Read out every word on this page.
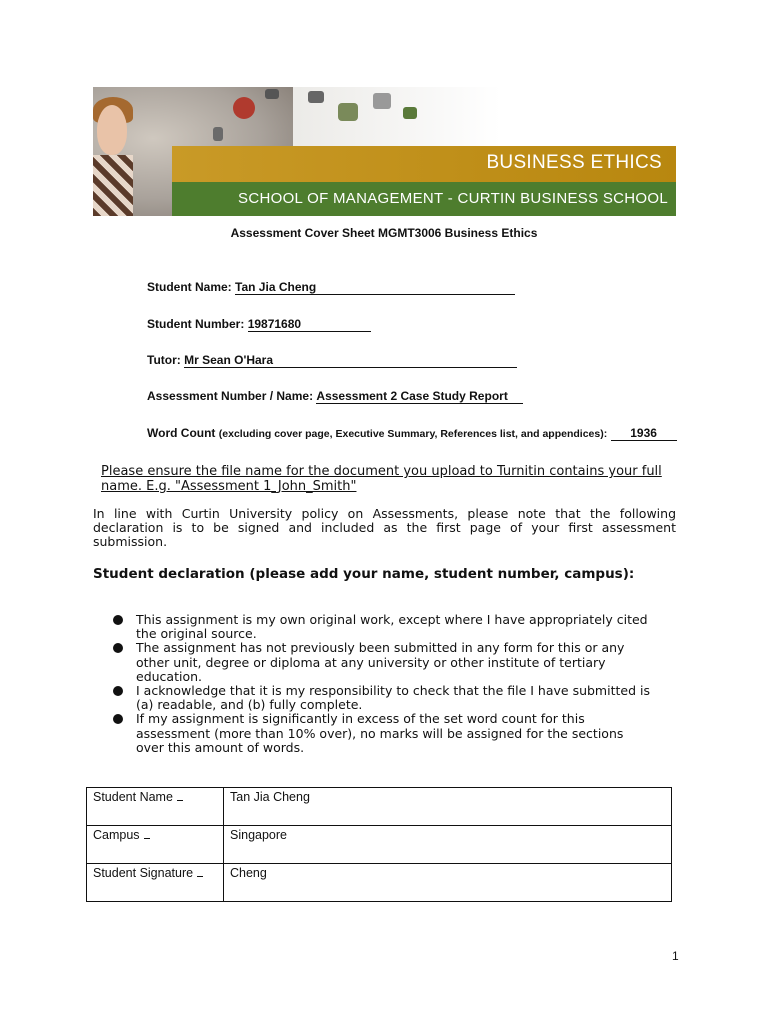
BUSINESS ETHICS
SCHOOL OF MANAGEMENT - CURTIN BUSINESS SCHOOL
Assessment Cover Sheet MGMT3006 Business Ethics
Student Name: Tan Jia Cheng
Student Number: 19871680
Tutor: Mr Sean O'Hara
Assessment Number / Name: Assessment 2 Case Study Report
Word Count (excluding cover page, Executive Summary, References list, and appendices): 1936
Please ensure the file name for the document you upload to Turnitin contains your full name. E.g. "Assessment 1_John_Smith"
In line with Curtin University policy on Assessments, please note that the following declaration is to be signed and included as the first page of your first assessment submission.
Student declaration (please add your name, student number, campus):
This assignment is my own original work, except where I have appropriately cited the original source.
The assignment has not previously been submitted in any form for this or any other unit, degree or diploma at any university or other institute of tertiary education.
I acknowledge that it is my responsibility to check that the file I have submitted is (a) readable, and (b) fully complete.
If my assignment is significantly in excess of the set word count for this assessment (more than 10% over), no marks will be assigned for the sections over this amount of words.
Student Name	Tan Jia Cheng
Campus	Singapore
Student Signature	Cheng
1
